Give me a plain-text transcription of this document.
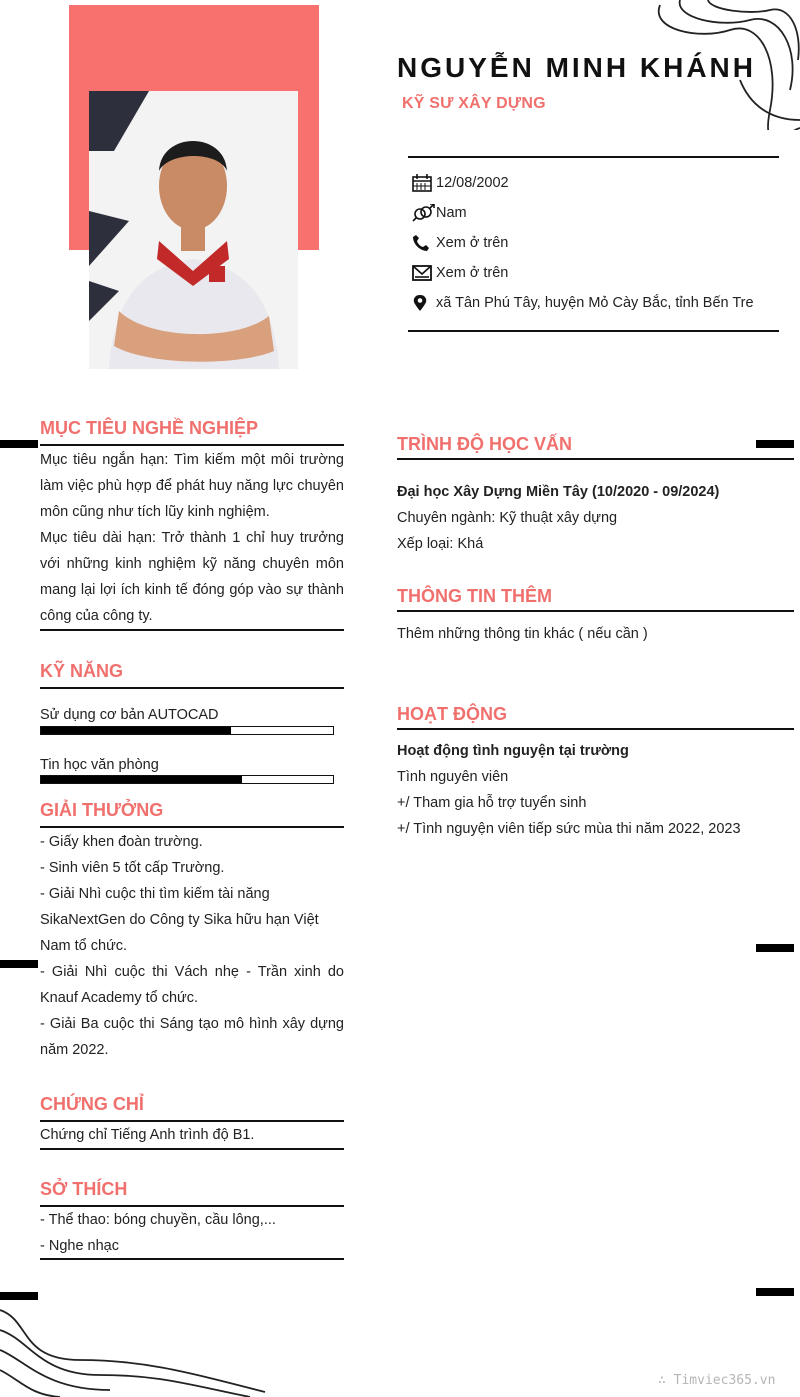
NGUYỄN MINH KHÁNH
KỸ SƯ XÂY DỰNG
12/08/2002
Nam
Xem ở trên
Xem ở trên
xã Tân Phú Tây, huyện Mỏ Cày Bắc, tỉnh Bến Tre
MỤC TIÊU NGHỀ NGHIỆP

Mục tiêu ngắn hạn: Tìm kiếm một môi trường làm việc phù hợp để phát huy năng lực chuyên môn cũng như tích lũy kinh nghiệm.

Mục tiêu dài hạn: Trở thành 1 chỉ huy trưởng với những kinh nghiệm kỹ năng chuyên môn mang lại lợi ích kinh tế đóng góp vào sự thành công của công ty.

KỸ NĂNG
Sử dụng cơ bản AUTOCAD
Tin học văn phòng
GIẢI THƯỞNG

- Giấy khen đoàn trường.

- Sinh viên 5 tốt cấp Trường.

- Giải Nhì cuộc thi tìm kiếm tài năng SikaNextGen do Công ty Sika hữu hạn Việt Nam tổ chức.

- Giải Nhì cuộc thi Vách nhẹ - Trần xinh do Knauf Academy tổ chức.

- Giải Ba cuộc thi Sáng tạo mô hình xây dựng năm 2022.

CHỨNG CHỈ

Chứng chỉ Tiếng Anh trình độ B1.

SỞ THÍCH

- Thể thao: bóng chuyền, cầu lông,...

- Nghe nhạc

TRÌNH ĐỘ HỌC VẤN

Đại học Xây Dựng Miền Tây (10/2020 - 09/2024)

Chuyên ngành: Kỹ thuật xây dựng

Xếp loại: Khá

THÔNG TIN THÊM

Thêm những thông tin khác ( nếu cần )

HOẠT ĐỘNG

Hoạt động tình nguyện tại trường

Tình nguyên viên

+/ Tham gia hỗ trợ tuyển sinh

+/ Tình nguyện viên tiếp sức mùa thi năm 2022, 2023

∴ Timviec365.vn
